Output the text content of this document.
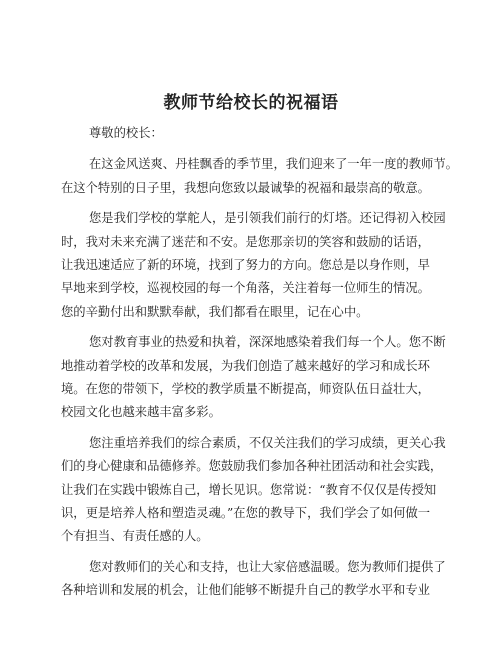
教师节给校长的祝福语

尊敬的校长：

在这金风送爽、丹桂飘香的季节里，我们迎来了一年一度的教师节。

在这个特别的日子里，我想向您致以最诚挚的祝福和最崇高的敬意。

您是我们学校的掌舵人，是引领我们前行的灯塔。还记得初入校园

时，我对未来充满了迷茫和不安。是您那亲切的笑容和鼓励的话语，

让我迅速适应了新的环境，找到了努力的方向。您总是以身作则，早

早地来到学校，巡视校园的每一个角落，关注着每一位师生的情况。

您的辛勤付出和默默奉献，我们都看在眼里，记在心中。

您对教育事业的热爱和执着，深深地感染着我们每一个人。您不断

地推动着学校的改革和发展，为我们创造了越来越好的学习和成长环

境。在您的带领下，学校的教学质量不断提高，师资队伍日益壮大，

校园文化也越来越丰富多彩。

您注重培养我们的综合素质，不仅关注我们的学习成绩，更关心我

们的身心健康和品德修养。您鼓励我们参加各种社团活动和社会实践，

让我们在实践中锻炼自己，增长见识。您常说：“教育不仅仅是传授知

识，更是培养人格和塑造灵魂。”在您的教导下，我们学会了如何做一

个有担当、有责任感的人。

您对教师们的关心和支持，也让大家倍感温暖。您为教师们提供了

各种培训和发展的机会，让他们能够不断提升自己的教学水平和专业
